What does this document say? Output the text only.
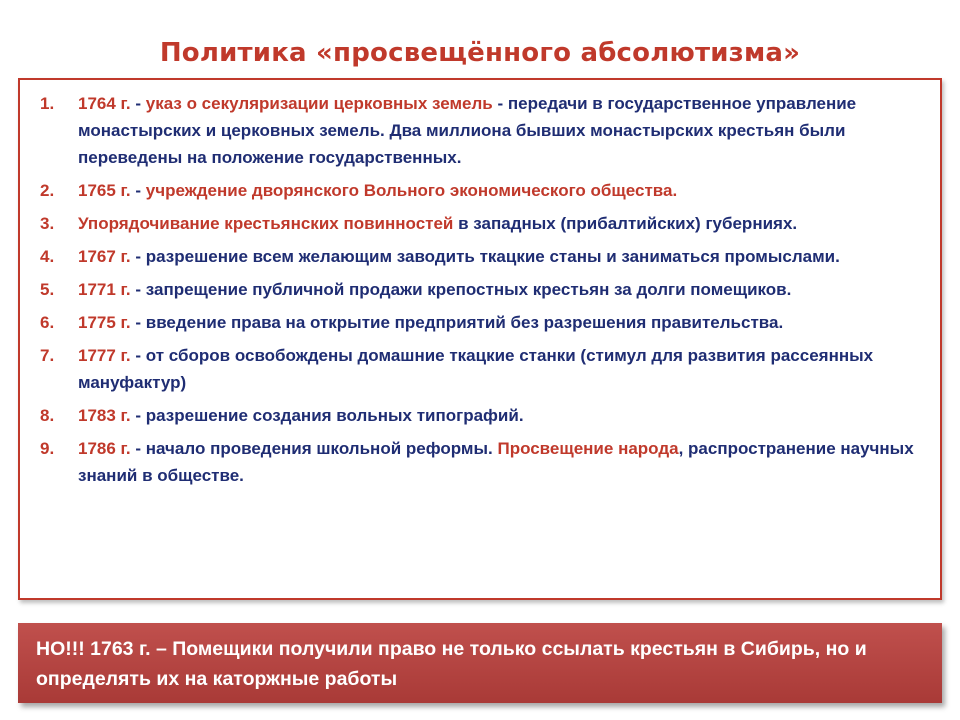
Политика «просвещённого абсолютизма»
1. 1764 г. - указ о секуляризации церковных земель - передачи в государственное управление монастырских и церковных земель. Два миллиона бывших монастырских крестьян были переведены на положение государственных.
2. 1765 г. - учреждение дворянского Вольного экономического общества.
3. Упорядочивание крестьянских повинностей в западных (прибалтийских) губерниях.
4. 1767 г. - разрешение всем желающим заводить ткацкие станы и заниматься промыслами.
5. 1771 г. - запрещение публичной продажи крепостных крестьян за долги помещиков.
6. 1775 г. - введение права на открытие предприятий без разрешения правительства.
7. 1777 г. - от сборов освобождены домашние ткацкие станки (стимул для развития рассеянных мануфактур)
8. 1783 г. - разрешение создания вольных типографий.
9. 1786 г. - начало проведения школьной реформы. Просвещение народа, распространение научных знаний в обществе.
НО!!! 1763 г. – Помещики получили право не только ссылать крестьян в Сибирь, но и определять их на каторжные работы
